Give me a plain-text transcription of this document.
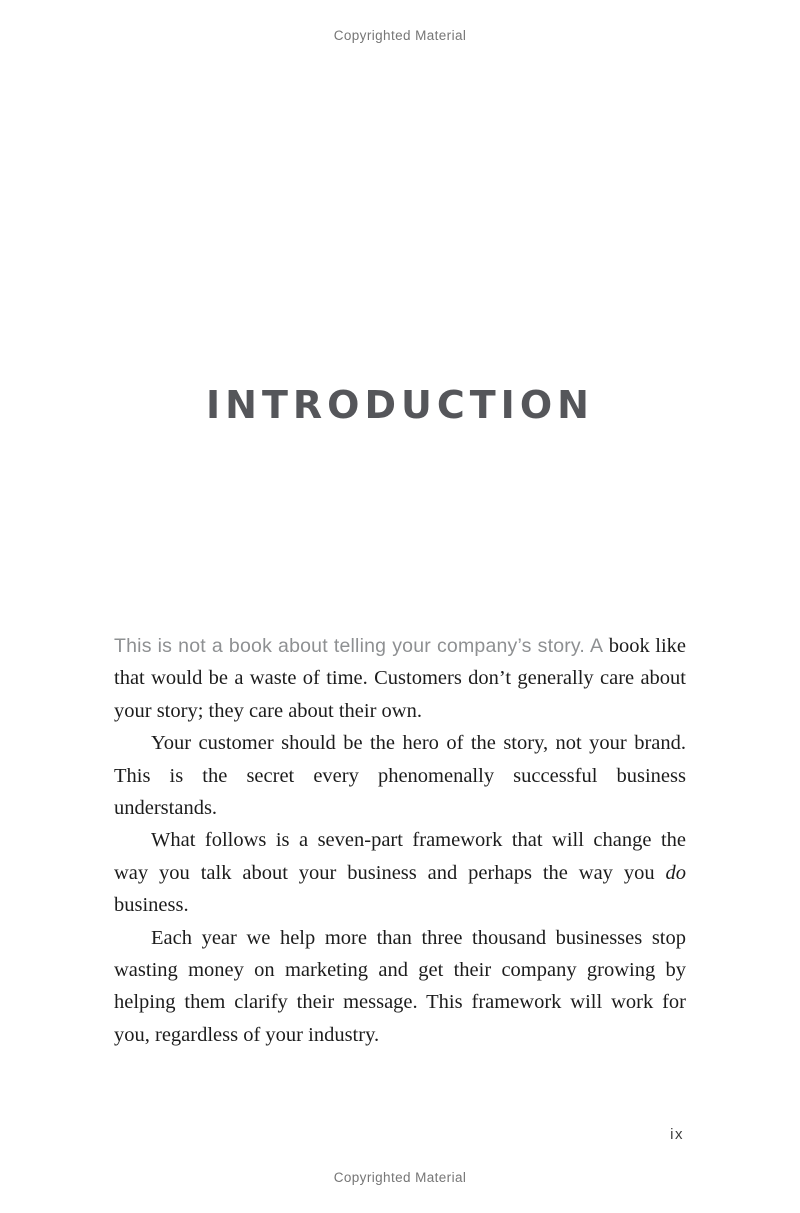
Copyrighted Material
INTRODUCTION

This is not a book about telling your company’s story. A book like that would be a waste of time. Customers don’t generally care about your story; they care about their own.

Your customer should be the hero of the story, not your brand. This is the secret every phenomenally successful business understands.

What follows is a seven-part framework that will change the way you talk about your business and perhaps the way you do business.

Each year we help more than three thousand businesses stop wasting money on marketing and get their company growing by helping them clarify their message. This framework will work for you, regardless of your industry.

ix
Copyrighted Material
